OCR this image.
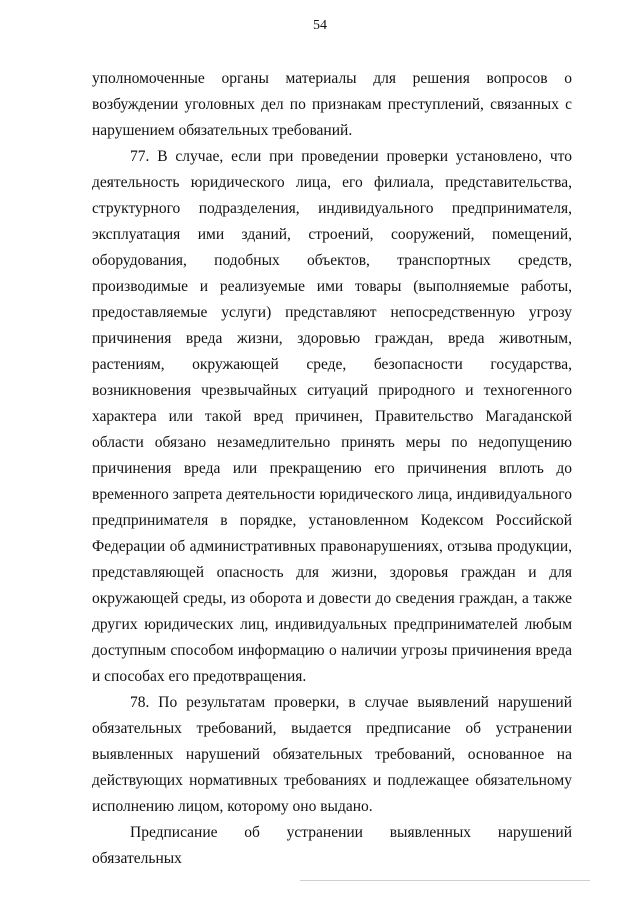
54

уполномоченные органы материалы для решения вопросов о возбуждении уголовных дел по признакам преступлений, связанных с нарушением обязательных требований.

77. В случае, если при проведении проверки установлено, что деятельность юридического лица, его филиала, представительства, структурного подразделения, индивидуального предпринимателя, эксплуатация ими зданий, строений, сооружений, помещений, оборудования, подобных объектов, транспортных средств, производимые и реализуемые ими товары (выполняемые работы, предоставляемые услуги) представляют непосредственную угрозу причинения вреда жизни, здоровью граждан, вреда животным, растениям, окружающей среде, безопасности государства, возникновения чрезвычайных ситуаций природного и техногенного характера или такой вред причинен, Правительство Магаданской области обязано незамедлительно принять меры по недопущению причинения вреда или прекращению его причинения вплоть до временного запрета деятельности юридического лица, индивидуального предпринимателя в порядке, установленном Кодексом Российской Федерации об административных правонарушениях, отзыва продукции, представляющей опасность для жизни, здоровья граждан и для окружающей среды, из оборота и довести до сведения граждан, а также других юридических лиц, индивидуальных предпринимателей любым доступным способом информацию о наличии угрозы причинения вреда и способах его предотвращения.

78. По результатам проверки, в случае выявлений нарушений обязательных требований, выдается предписание об устранении выявленных нарушений обязательных требований, основанное на действующих нормативных требованиях и подлежащее обязательному исполнению лицом, которому оно выдано.

Предписание об устранении выявленных нарушений обязательных
